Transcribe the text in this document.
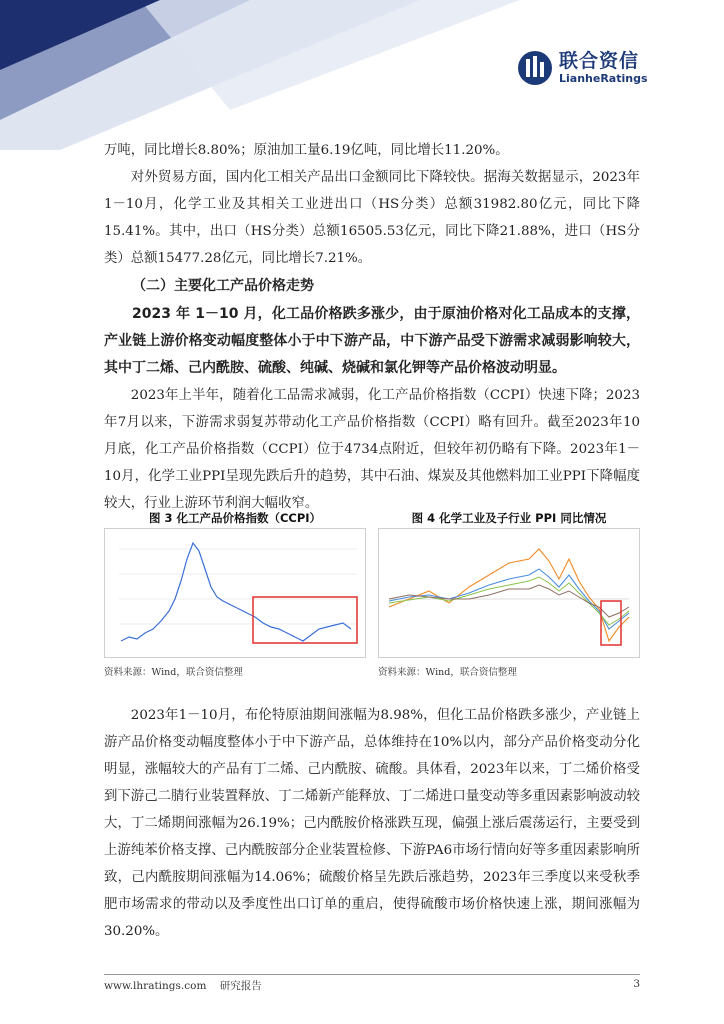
联合资信
LianheRatings

万吨，同比增长8.80%；原油加工量6.19亿吨，同比增长11.20%。

对外贸易方面，国内化工相关产品出口金额同比下降较快。据海关数据显示，2023年1－10月，化学工业及其相关工业进出口（HS分类）总额31982.80亿元，同比下降15.41%。其中，出口（HS分类）总额16505.53亿元，同比下降21.88%，进口（HS分类）总额15477.28亿元，同比增长7.21%。

（二）主要化工产品价格走势

2023 年 1－10 月，化工品价格跌多涨少，由于原油价格对化工品成本的支撑，产业链上游价格变动幅度整体小于中下游产品，中下游产品受下游需求减弱影响较大，其中丁二烯、己内酰胺、硫酸、纯碱、烧碱和氯化钾等产品价格波动明显。

2023年上半年，随着化工品需求减弱，化工产品价格指数（CCPI）快速下降；2023年7月以来，下游需求弱复苏带动化工产品价格指数（CCPI）略有回升。截至2023年10月底，化工产品价格指数（CCPI）位于4734点附近，但较年初仍略有下降。2023年1－10月，化学工业PPI呈现先跌后升的趋势，其中石油、煤炭及其他燃料加工业PPI下降幅度较大，行业上游环节利润大幅收窄。

图 3 化工产品价格指数（CCPI）
资料来源：Wind，联合资信整理
图 4 化学工业及子行业 PPI 同比情况
资料来源：Wind，联合资信整理

2023年1－10月，布伦特原油期间涨幅为8.98%，但化工品价格跌多涨少，产业链上游产品价格变动幅度整体小于中下游产品，总体维持在10%以内，部分产品价格变动分化明显，涨幅较大的产品有丁二烯、己内酰胺、硫酸。具体看，2023年以来，丁二烯价格受到下游己二腈行业装置释放、丁二烯新产能释放、丁二烯进口量变动等多重因素影响波动较大，丁二烯期间涨幅为26.19%；己内酰胺价格涨跌互现，偏强上涨后震荡运行，主要受到上游纯苯价格支撑、己内酰胺部分企业装置检修、下游PA6市场行情向好等多重因素影响所致，己内酰胺期间涨幅为14.06%；硫酸价格呈先跌后涨趋势，2023年三季度以来受秋季肥市场需求的带动以及季度性出口订单的重启，使得硫酸市场价格快速上涨，期间涨幅为30.20%。

www.lhratings.com 研究报告	3
